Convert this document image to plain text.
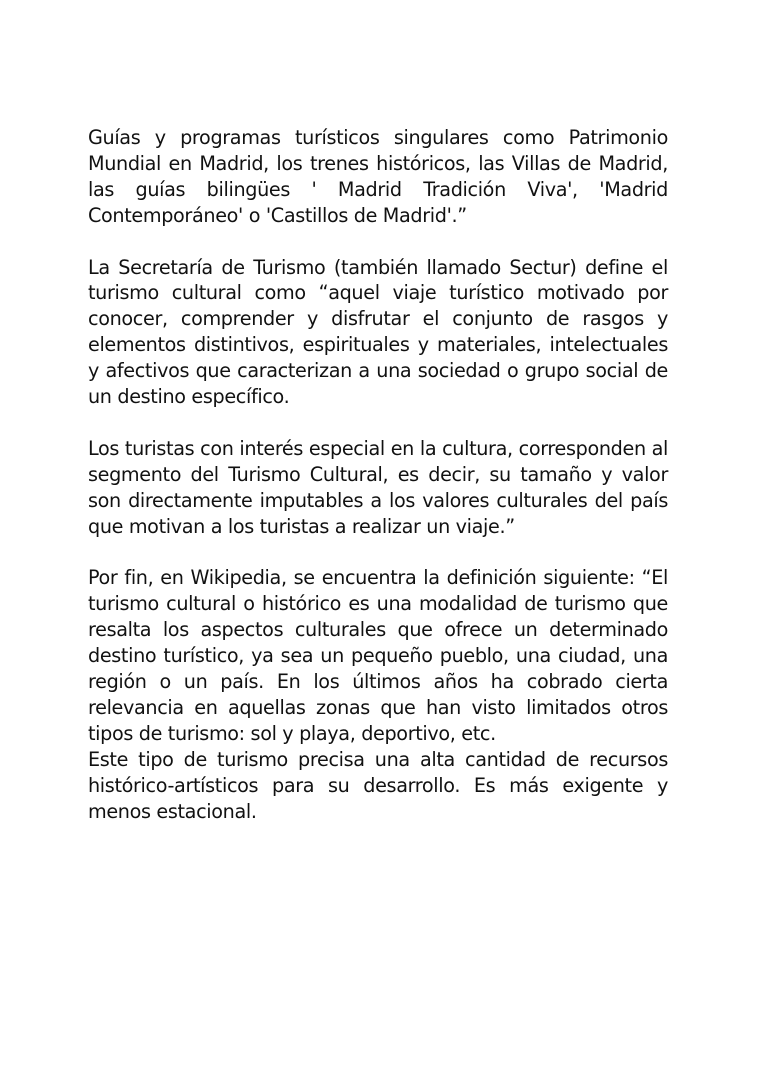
Guías y programas turísticos singulares como Patrimonio Mundial en Madrid, los trenes históricos, las Villas de Madrid, las guías bilingües ' Madrid Tradición Viva', 'Madrid Contemporáneo' o 'Castillos de Madrid'.”

La Secretaría de Turismo (también llamado Sectur) define el turismo cultural como “aquel viaje turístico motivado por conocer, comprender y disfrutar el conjunto de rasgos y elementos distintivos, espirituales y materiales, intelectuales y afectivos que caracterizan a una sociedad o grupo social de un destino específico.

Los turistas con interés especial en la cultura, corresponden al segmento del Turismo Cultural, es decir, su tamaño y valor son directamente imputables a los valores culturales del país que motivan a los turistas a realizar un viaje.”

Por fin, en Wikipedia, se encuentra la definición siguiente: “El turismo cultural o histórico es una modalidad de turismo que resalta los aspectos culturales que ofrece un determinado destino turístico, ya sea un pequeño pueblo, una ciudad, una región o un país. En los últimos años ha cobrado cierta relevancia en aquellas zonas que han visto limitados otros tipos de turismo: sol y playa, deportivo, etc.

Este tipo de turismo precisa una alta cantidad de recursos histórico-artísticos para su desarrollo. Es más exigente y menos estacional.
